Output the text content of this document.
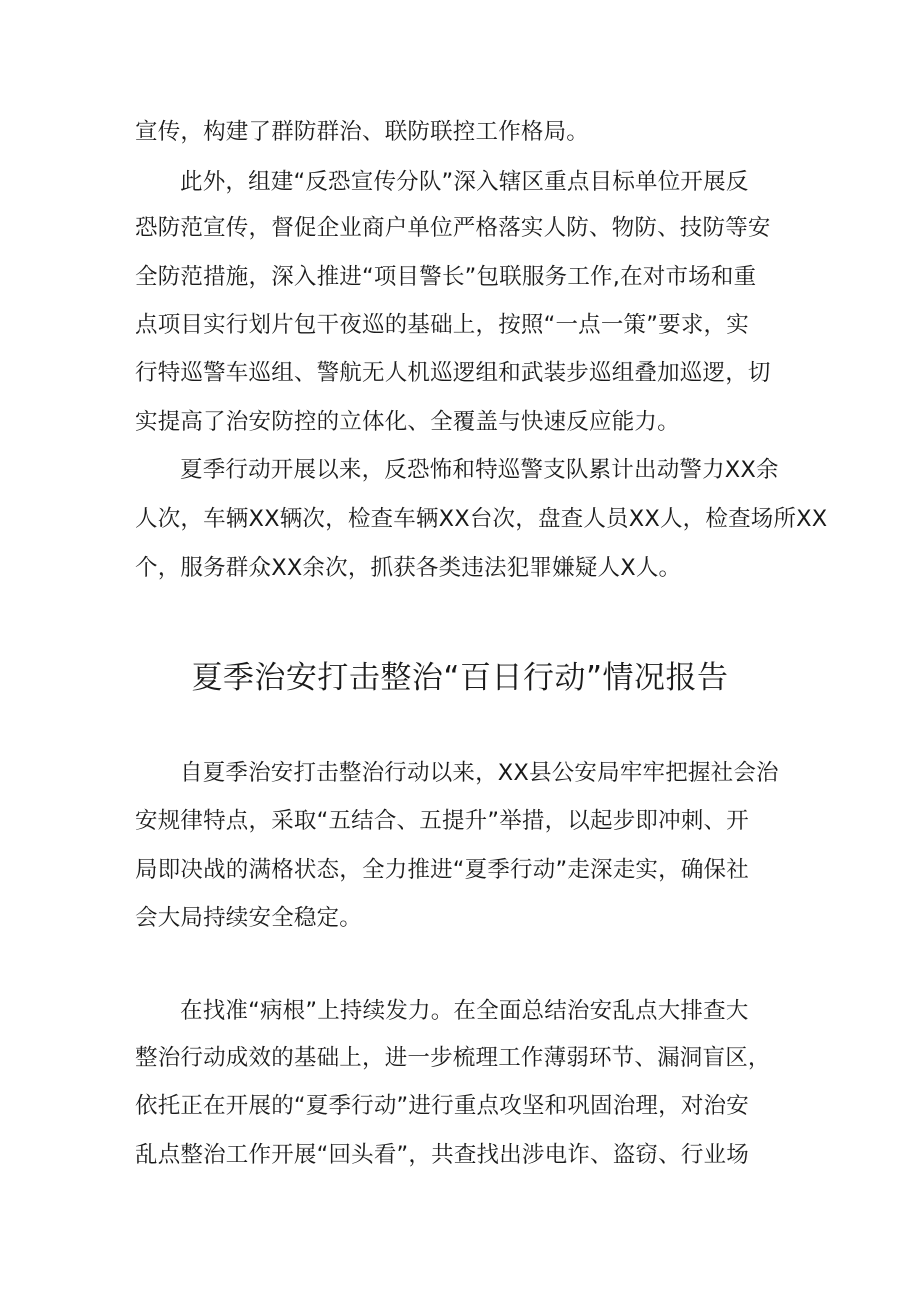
宣传，构建了群防群治、联防联控工作格局。
此外，组建“反恐宣传分队”深入辖区重点目标单位开展反
恐防范宣传，督促企业商户单位严格落实人防、物防、技防等安
全防范措施，深入推进“项目警长”包联服务工作,在对市场和重
点项目实行划片包干夜巡的基础上，按照“一点一策”要求，实
行特巡警车巡组、警航无人机巡逻组和武装步巡组叠加巡逻，切
实提高了治安防控的立体化、全覆盖与快速反应能力。
夏季行动开展以来，反恐怖和特巡警支队累计出动警力XX余
人次，车辆XX辆次，检查车辆XX台次，盘查人员XX人，检查场所XX
个，服务群众XX余次，抓获各类违法犯罪嫌疑人X人。
夏季治安打击整治“百日行动”情况报告
自夏季治安打击整治行动以来，XX县公安局牢牢把握社会治
安规律特点，采取“五结合、五提升”举措，以起步即冲刺、开
局即决战的满格状态，全力推进“夏季行动”走深走实，确保社
会大局持续安全稳定。
在找准“病根”上持续发力。在全面总结治安乱点大排查大
整治行动成效的基础上，进一步梳理工作薄弱环节、漏洞盲区，
依托正在开展的“夏季行动”进行重点攻坚和巩固治理，对治安
乱点整治工作开展“回头看”，共查找出涉电诈、盗窃、行业场
